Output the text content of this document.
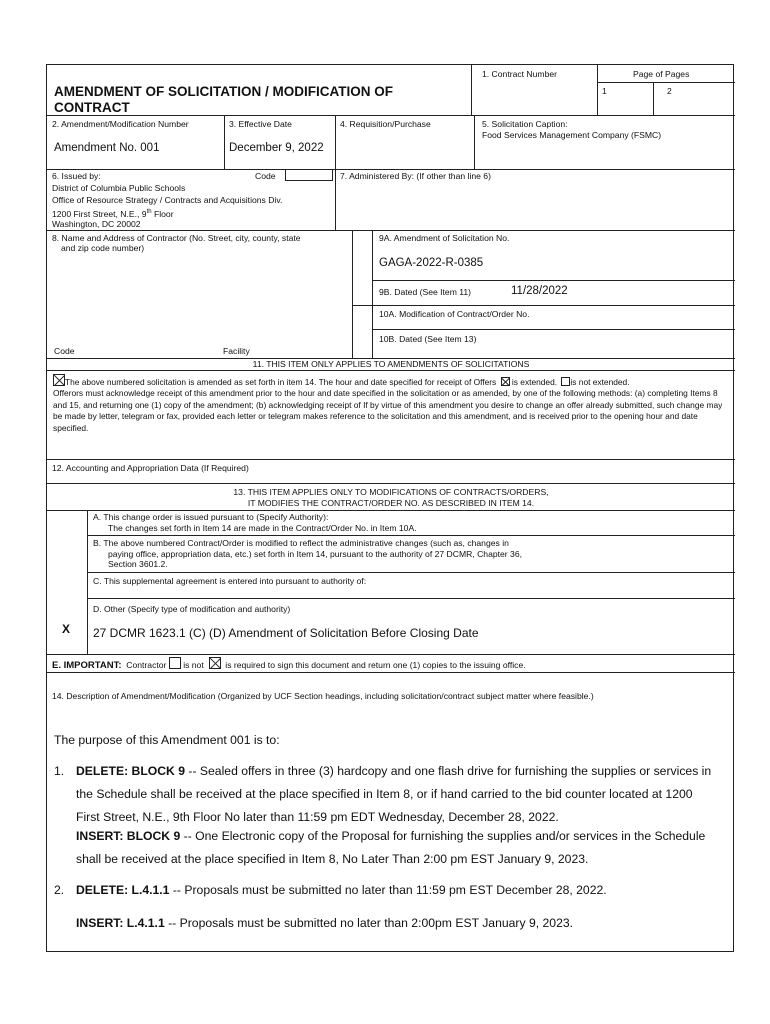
AMENDMENT OF SOLICITATION / MODIFICATION OF CONTRACT
1. Contract Number	Page of Pages
1	2
2. Amendment/Modification Number
Amendment No. 001
3. Effective Date
December 9, 2022
4. Requisition/Purchase	5. Solicitation Caption:
Food Services Management Company (FSMC)
6. Issued by:	Code
District of Columbia Public Schools
Office of Resource Strategy / Contracts and Acquisitions Div.
1200 First Street, N.E., 9th Floor
Washington, DC 20002
7. Administered By: (If other than line 6)
8. Name and Address of Contractor (No. Street, city, county, state
and zip code number)
Code	Facility
9A. Amendment of Solicitation No.
GAGA-2022-R-0385
9B. Dated (See Item 11)	11/28/2022
10A. Modification of Contract/Order No.
10B. Dated (See Item 13)
11. THIS ITEM ONLY APPLIES TO AMENDMENTS OF SOLICITATIONS
The above numbered solicitation is amended as set forth in item 14. The hour and date specified for receipt of Offers is extended. is not extended.
Offerors must acknowledge receipt of this amendment prior to the hour and date specified in the solicitation or as amended, by one of the following methods: (a) completing Items 8 and 15, and returning one (1) copy of the amendment; (b) acknowledging receipt of If by virtue of this amendment you desire to change an offer already submitted, such change may be made by letter, telegram or fax, provided each letter or telegram makes reference to the solicitation and this amendment, and is received prior to the opening hour and date specified.
12. Accounting and Appropriation Data (If Required)
13. THIS ITEM APPLIES ONLY TO MODIFICATIONS OF CONTRACTS/ORDERS,
IT MODIFIES THE CONTRACT/ORDER NO. AS DESCRIBED IN ITEM 14.
A. This change order is issued pursuant to (Specify Authority):
The changes set forth in Item 14 are made in the Contract/Order No. in Item 10A.
B. The above numbered Contract/Order is modified to reflect the administrative changes (such as, changes in
paying office, appropriation data, etc.) set forth in Item 14, pursuant to the authority of 27 DCMR, Chapter 36,
Section 3601.2.
C. This supplemental agreement is entered into pursuant to authority of:
D. Other (Specify type of modification and authority)
X 27 DCMR 1623.1 (C) (D) Amendment of Solicitation Before Closing Date
E. IMPORTANT: Contractor is not	is required to sign this document and return one (1) copies to the issuing office.
14. Description of Amendment/Modification (Organized by UCF Section headings, including solicitation/contract subject matter where feasible.)
The purpose of this Amendment 001 is to:
1. DELETE: BLOCK 9 -- Sealed offers in three (3) hardcopy and one flash drive for furnishing the supplies or services in
the Schedule shall be received at the place specified in Item 8, or if hand carried to the bid counter located at 1200
First Street, N.E., 9th Floor No later than 11:59 pm EDT Wednesday, December 28, 2022.
INSERT: BLOCK 9 -- One Electronic copy of the Proposal for furnishing the supplies and/or services in the Schedule
shall be received at the place specified in Item 8, No Later Than 2:00 pm EST January 9, 2023.
2. DELETE: L.4.1.1 -- Proposals must be submitted no later than 11:59 pm EST December 28, 2022.
INSERT: L.4.1.1 -- Proposals must be submitted no later than 2:00pm EST January 9, 2023.
